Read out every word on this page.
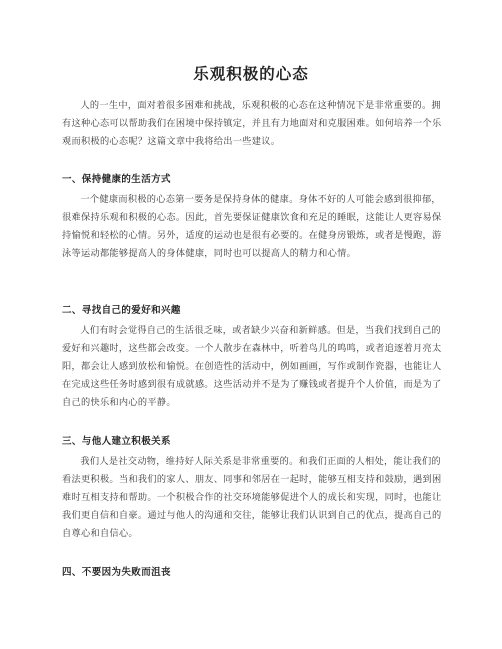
乐观积极的心态
人的一生中，面对着很多困难和挑战，乐观积极的心态在这种情况下是非常重要的。拥有这种心态可以帮助我们在困境中保持镇定，并且有力地面对和克服困难。如何培养一个乐观而积极的心态呢？这篇文章中我将给出一些建议。
一、保持健康的生活方式
一个健康而积极的心态第一要务是保持身体的健康。身体不好的人可能会感到很抑郁，很难保持乐观和积极的心态。因此，首先要保证健康饮食和充足的睡眠，这能让人更容易保持愉悦和轻松的心情。另外，适度的运动也是很有必要的。在健身房锻炼，或者是慢跑，游泳等运动都能够提高人的身体健康，同时也可以提高人的精力和心情。
二、寻找自己的爱好和兴趣
人们有时会觉得自己的生活很乏味，或者缺少兴奋和新鲜感。但是，当我们找到自己的爱好和兴趣时，这些都会改变。一个人散步在森林中，听着鸟儿的鸣鸣，或者追逐着月亮太阳，都会让人感到放松和愉悦。在创造性的活动中，例如画画，写作或制作瓷器，也能让人在完成这些任务时感到很有成就感。这些活动并不是为了赚钱或者提升个人价值，而是为了自己的快乐和内心的平静。
三、与他人建立积极关系
我们人是社交动物，维持好人际关系是非常重要的。和我们正面的人相处，能让我们的看法更积极。当和我们的家人、朋友、同事和邻居在一起时，能够互相支持和鼓励，遇到困难时互相支持和帮助。一个积极合作的社交环境能够促进个人的成长和实现，同时，也能让我们更自信和自豪。通过与他人的沟通和交往，能够让我们认识到自己的优点，提高自己的自尊心和自信心。
四、不要因为失败而沮丧
